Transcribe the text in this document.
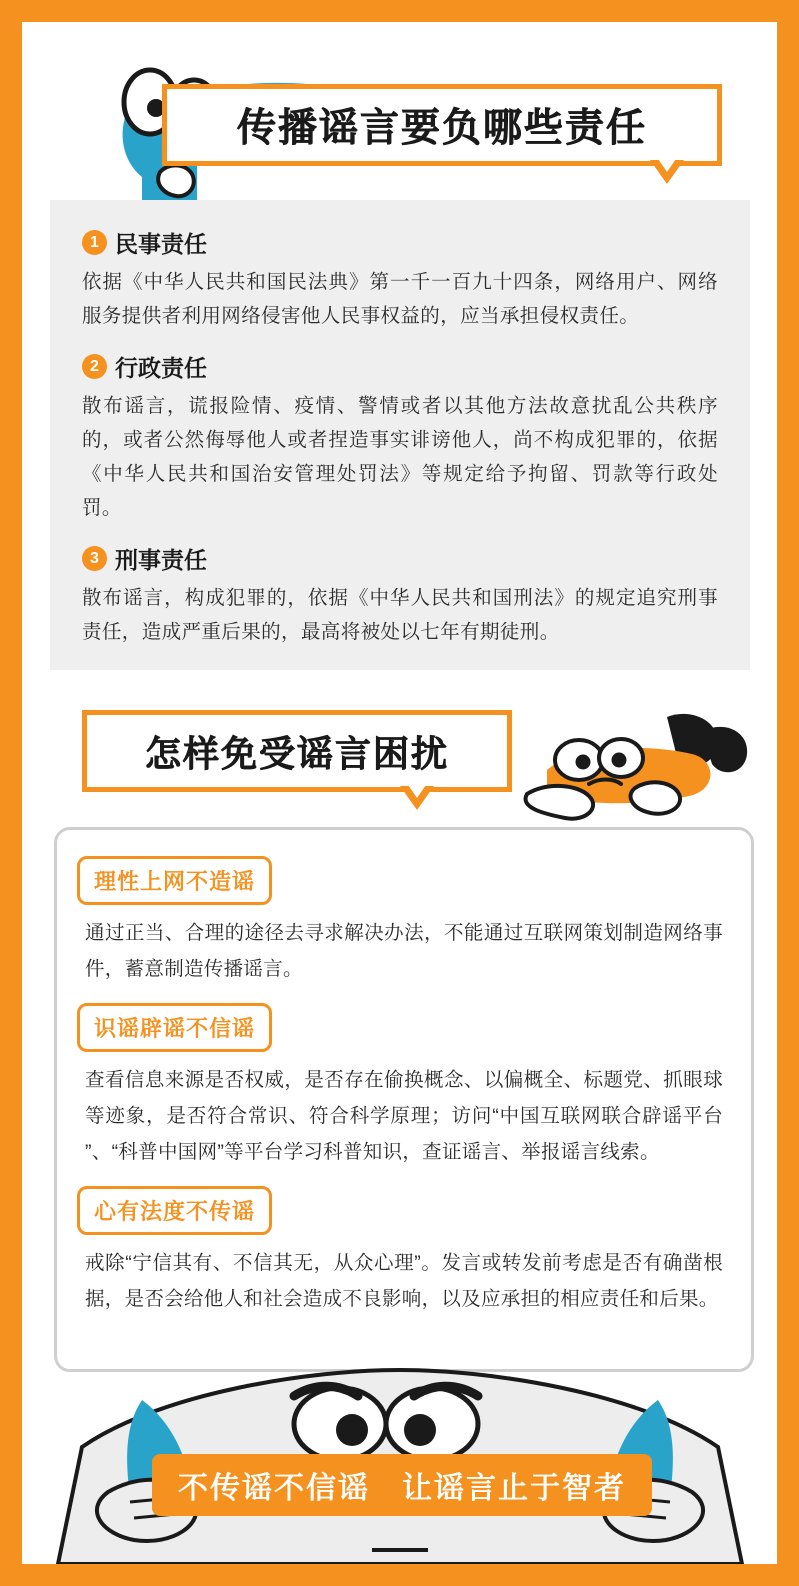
传播谣言要负哪些责任
1 民事责任
依据《中华人民共和国民法典》第一千一百九十四条，网络用户、网络服务提供者利用网络侵害他人民事权益的，应当承担侵权责任。
2 行政责任
散布谣言，谎报险情、疫情、警情或者以其他方法故意扰乱公共秩序的，或者公然侮辱他人或者捏造事实诽谤他人，尚不构成犯罪的，依据《中华人民共和国治安管理处罚法》等规定给予拘留、罚款等行政处罚。
3 刑事责任
散布谣言，构成犯罪的，依据《中华人民共和国刑法》的规定追究刑事责任，造成严重后果的，最高将被处以七年有期徒刑。
怎样免受谣言困扰
理性上网不造谣
通过正当、合理的途径去寻求解决办法，不能通过互联网策划制造网络事件，蓄意制造传播谣言。
识谣辟谣不信谣
查看信息来源是否权威，是否存在偷换概念、以偏概全、标题党、抓眼球等迹象，是否符合常识、符合科学原理；访问“中国互联网联合辟谣平台 ”、“科普中国网”等平台学习科普知识，查证谣言、举报谣言线索。
心有法度不传谣
戒除“宁信其有、不信其无，从众心理”。发言或转发前考虑是否有确凿根据，是否会给他人和社会造成不良影响，以及应承担的相应责任和后果。
不传谣不信谣　让谣言止于智者
